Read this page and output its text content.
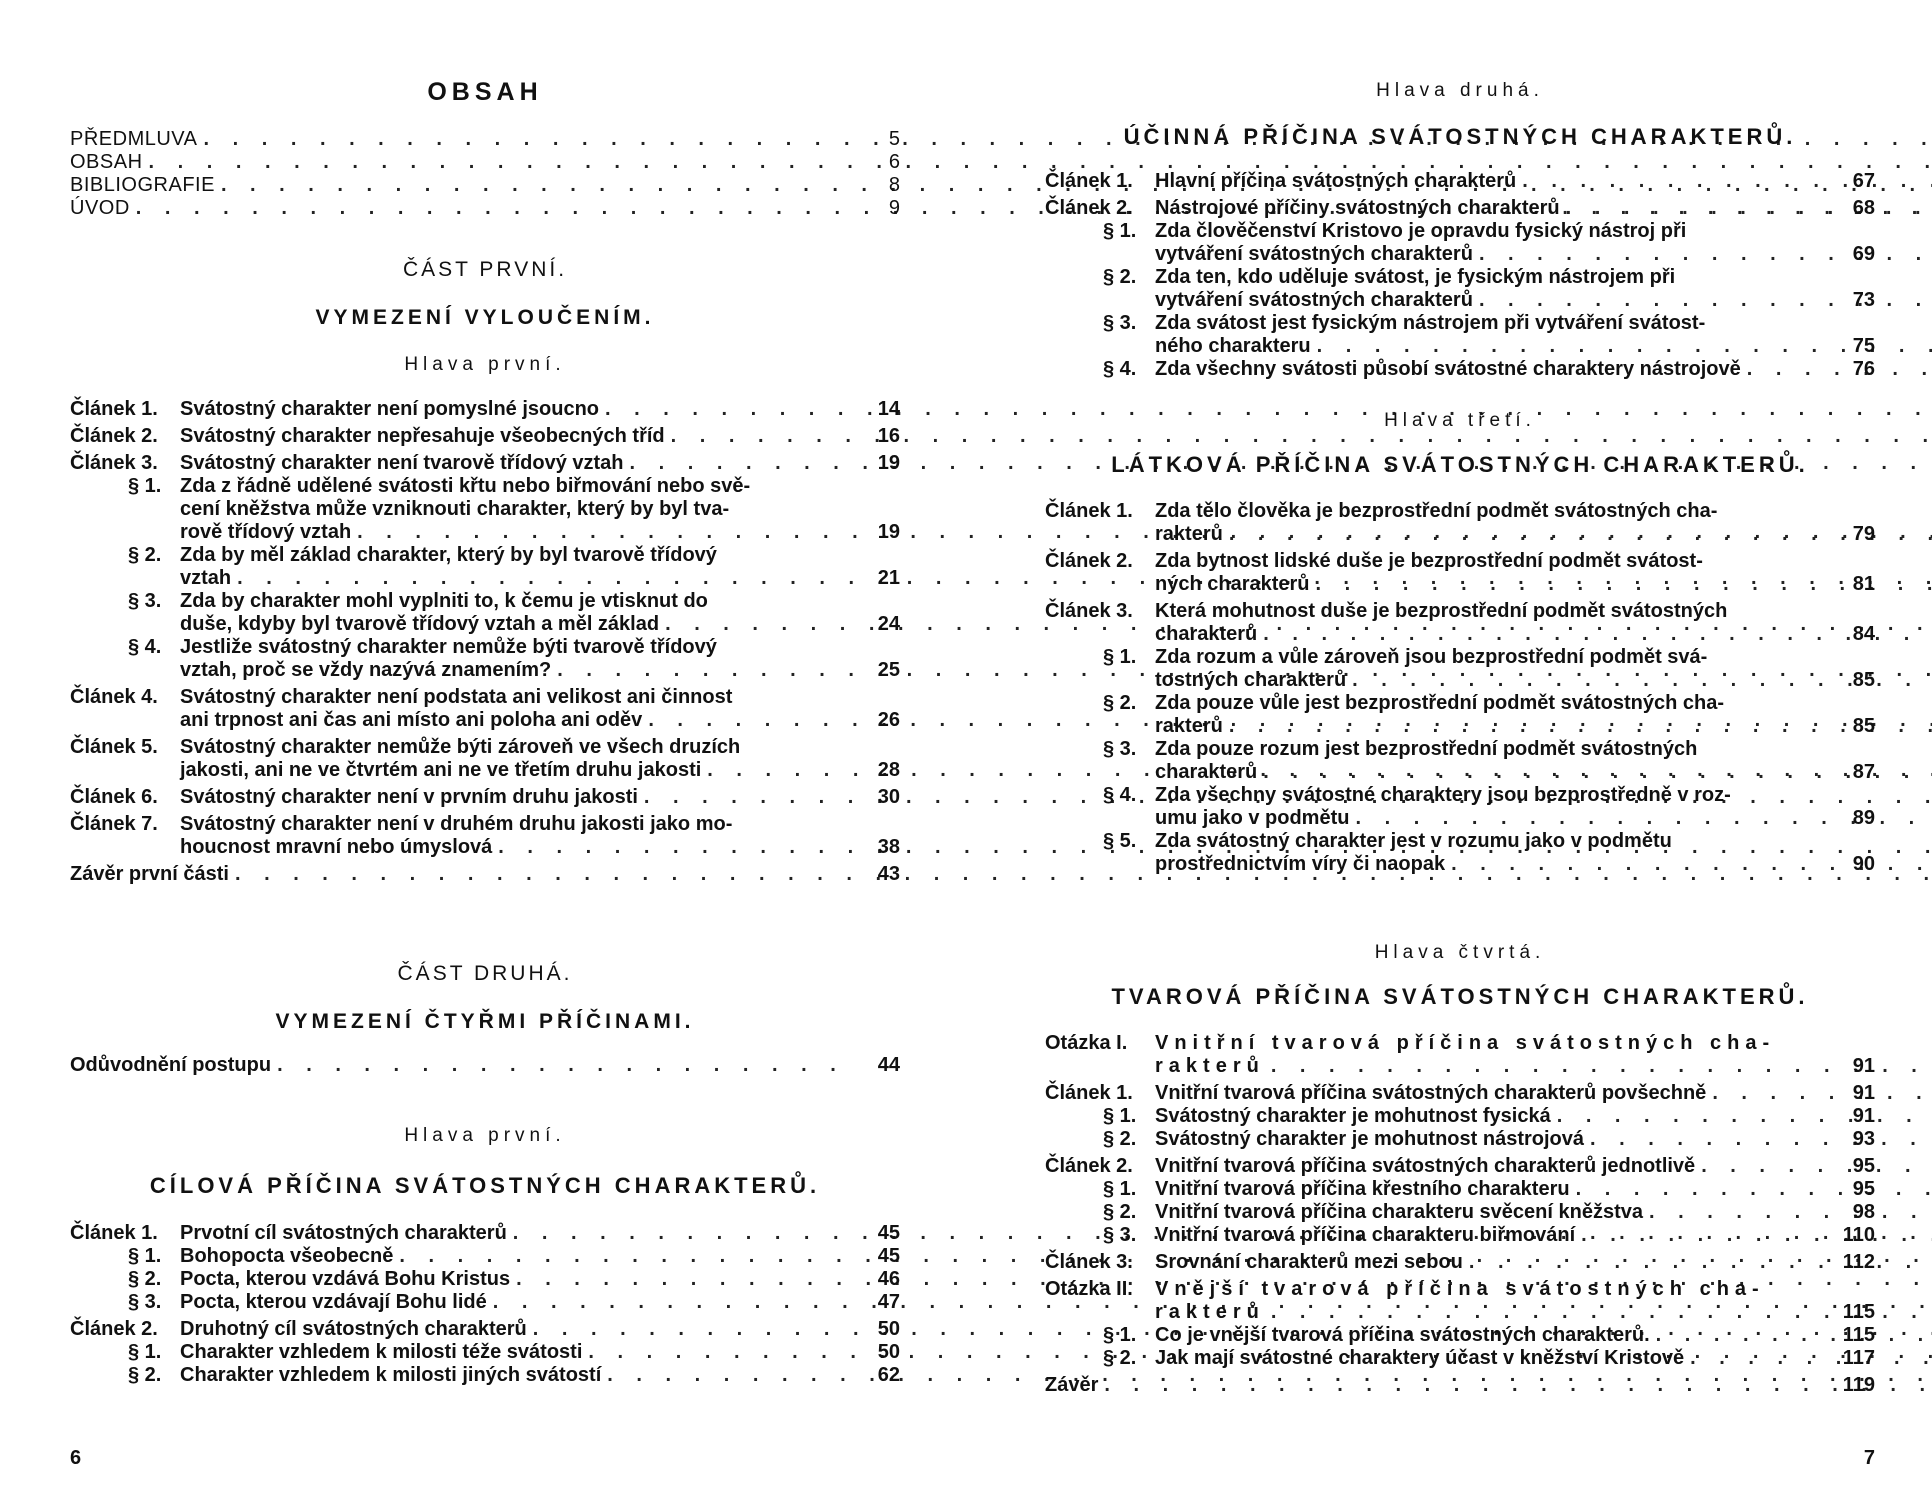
OBSAH
PŘEDMLUVA . . .	5
OBSAH . . .	6
BIBLIOGRAFIE . . .	8
ÚVOD . . .	9
ČÁST PRVNÍ.
VYMEZENÍ VYLOUČENÍM.
Hlava první.
Článek 1. Svátostný charakter není pomyslné jsoucno . . .	14
Článek 2. Svátostný charakter nepřesahuje všeobecných tříd . . .	16
Článek 3. Svátostný charakter není tvarově třídový vztah . . .	19
§ 1. Zda z řádně udělené svátosti křtu nebo biřmování nebo svě-
cení kněžstva může vzniknouti charakter, který by byl tva-
rově třídový vztah . . .	19
§ 2. Zda by měl základ charakter, který by byl tvarově třídový
vztah . . .	21
§ 3. Zda by charakter mohl vyplniti to, k čemu je vtisknut do
duše, kdyby byl tvarově třídový vztah a měl základ . . .	24
§ 4. Jestliže svátostný charakter nemůže býti tvarově třídový
vztah, proč se vždy nazývá znamením? . . .	25
Článek 4. Svátostný charakter není podstata ani velikost ani činnost
ani trpnost ani čas ani místo ani poloha ani oděv . . .	26
Článek 5. Svátostný charakter nemůže býti zároveň ve všech druzích
jakosti, ani ne ve čtvrtém ani ne ve třetím druhu jakosti . . .	28
Článek 6. Svátostný charakter není v prvním druhu jakosti . . .	30
Článek 7. Svátostný charakter není v druhém druhu jakosti jako mo-
houcnost mravní nebo úmyslová . . .	38
Závěr první části . . .	43
ČÁST DRUHÁ.
VYMEZENÍ ČTYŘMI PŘÍČINAMI.
Odůvodnění postupu . . .	44
Hlava první.
CÍLOVÁ PŘÍČINA SVÁTOSTNÝCH CHARAKTERŮ.
Článek 1. Prvotní cíl svátostných charakterů . . .	45
§ 1. Bohopocta všeobecně . . .	45
§ 2. Pocta, kterou vzdává Bohu Kristus . . .	46
§ 3. Pocta, kterou vzdávají Bohu lidé . . .	47
Článek 2. Druhotný cíl svátostných charakterů . . .	50
§ 1. Charakter vzhledem k milosti téže svátosti . . .	50
§ 2. Charakter vzhledem k milosti jiných svátostí . . .	62
6
Hlava druhá.
ÚČINNÁ PŘÍČINA SVÁTOSTNÝCH CHARAKTERŮ.
Článek 1. Hlavní příčina svátostných charakterů . . .	67
Článek 2. Nástrojové příčiny svátostných charakterů . . .	68
§ 1. Zda člověčenství Kristovo je opravdu fysický nástroj při
vytváření svátostných charakterů . . .	69
§ 2. Zda ten, kdo uděluje svátost, je fysickým nástrojem při
vytváření svátostných charakterů . . .	73
§ 3. Zda svátost jest fysickým nástrojem při vytváření svátost-
ného charakteru . . .	75
§ 4. Zda všechny svátosti působí svátostné charaktery nástrojově . . .	76
Hlava třetí.
LÁTKOVÁ PŘÍČINA SVÁTOSTNÝCH CHARAKTERŮ.
Článek 1. Zda tělo člověka je bezprostřední podmět svátostných cha-
rakterů . . .	79
Článek 2. Zda bytnost lidské duše je bezprostřední podmět svátost-
ných charakterů . . .	81
Článek 3. Která mohutnost duše je bezprostřední podmět svátostných
charakterů . . .	84
§ 1. Zda rozum a vůle zároveň jsou bezprostřední podmět svá-
tostných charakterů . . .	85
§ 2. Zda pouze vůle jest bezprostřední podmět svátostných cha-
rakterů . . .	85
§ 3. Zda pouze rozum jest bezprostřední podmět svátostných
charakterů . . .	87
§ 4. Zda všechny svátostné charaktery jsou bezprostředně v roz-
umu jako v podmětu . . .	89
§ 5. Zda svátostný charakter jest v rozumu jako v podmětu
prostřednictvím víry či naopak . . .	90
Hlava čtvrtá.
TVAROVÁ PŘÍČINA SVÁTOSTNÝCH CHARAKTERŮ.
Otázka I. Vnitřní tvarová příčina svátostných cha-
rakterů . . .	91
Článek 1. Vnitřní tvarová příčina svátostných charakterů povšechně . . .	91
§ 1. Svátostný charakter je mohutnost fysická . . .	91
§ 2. Svátostný charakter je mohutnost nástrojová . . .	93
Článek 2. Vnitřní tvarová příčina svátostných charakterů jednotlivě . . .	95
§ 1. Vnitřní tvarová příčina křestního charakteru . . .	95
§ 2. Vnitřní tvarová příčina charakteru svěcení kněžstva . . .	98
§ 3. Vnitřní tvarová příčina charakteru biřmování . . .	110
Článek 3. Srovnání charakterů mezi sebou . . .	112
Otázka II. Vnější tvarová příčina svátostných cha-
rakterů . . .	115
§ 1. Co je vnější tvarová příčina svátostných charakterů. . . .	115
§ 2. Jak mají svátostné charaktery účast v kněžství Kristově . . .	117
Závěr . . .	119
7
